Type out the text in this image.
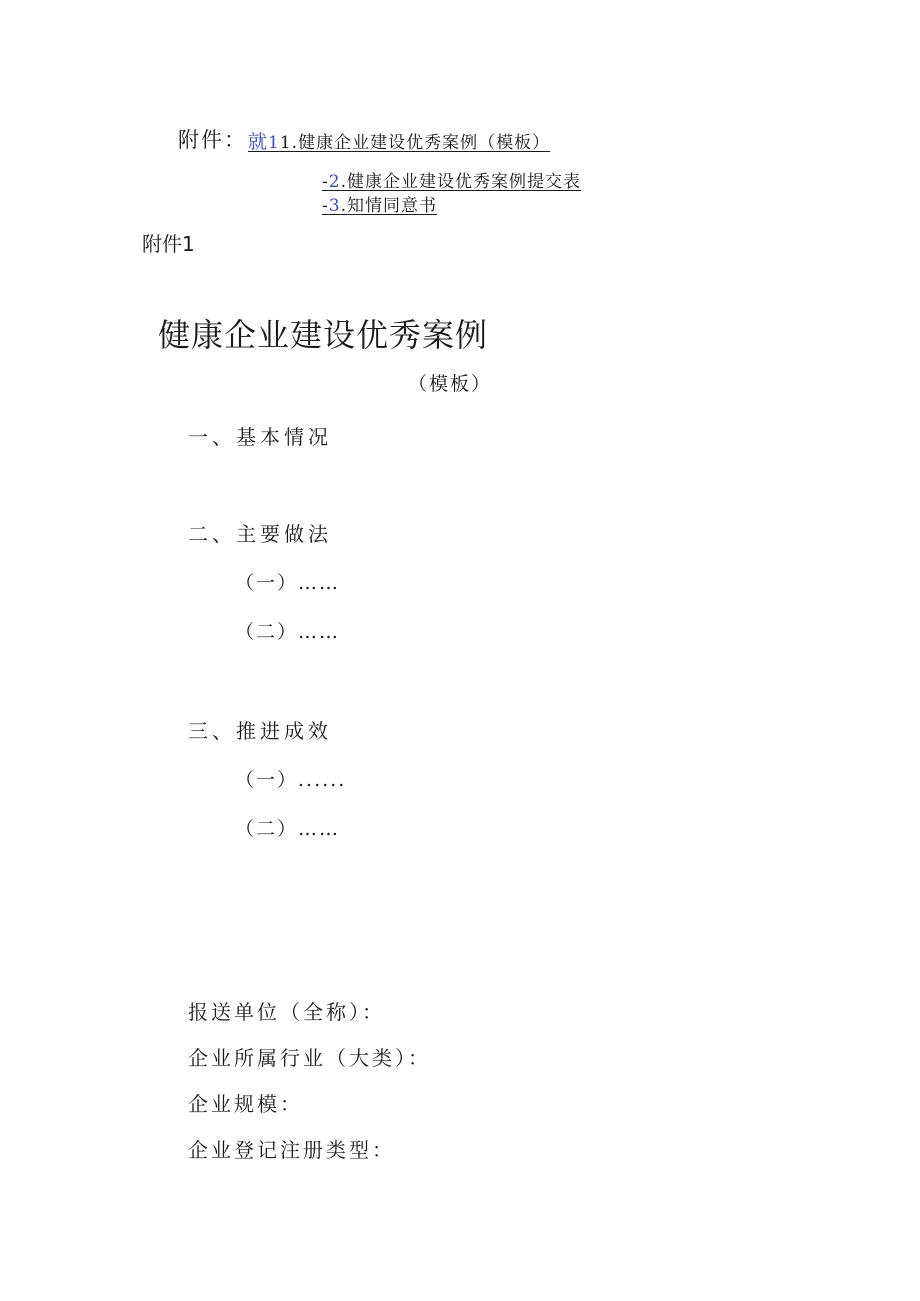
附件： 就11.健康企业建设优秀案例（模板）
-2.健康企业建设优秀案例提交表
-3.知情同意书
附件1
健康企业建设优秀案例
（模板）
一、基本情况
二、主要做法
（一）……
（二）……
三、推进成效
（一）......
（二）……
报送单位（全称）：
企业所属行业（大类）：
企业规模：
企业登记注册类型：
